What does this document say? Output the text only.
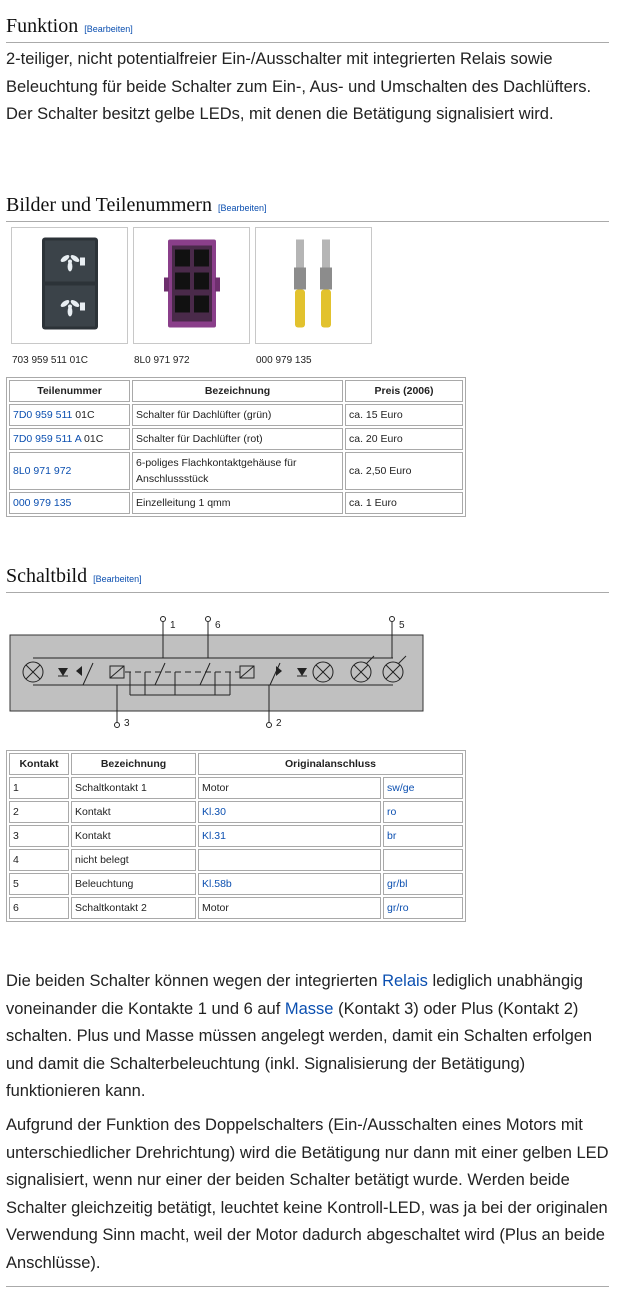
Funktion [Bearbeiten]

2-teiliger, nicht potentialfreier Ein-/Ausschalter mit integrierten Relais sowie Beleuchtung für beide Schalter zum Ein-, Aus- und Umschalten des Dachlüfters. Der Schalter besitzt gelbe LEDs, mit denen die Betätigung signalisiert wird.

Bilder und Teilenummern [Bearbeiten]
703 959 511 01C	8L0 971 972	000 979 135
Teilenummer	Bezeichnung	Preis (2006)
7D0 959 511 01C	Schalter für Dachlüfter (grün)	ca. 15 Euro
7D0 959 511 A 01C	Schalter für Dachlüfter (rot)	ca. 20 Euro
8L0 971 972	6-poliges Flachkontaktgehäuse für Anschlussstück	ca. 2,50 Euro
000 979 135	Einzelleitung 1 qmm	ca. 1 Euro
Schaltbild [Bearbeiten]
1	6	5
3	2
Kontakt	Bezeichnung	Originalanschluss	
1	Schaltkontakt 1	Motor	sw/ge
2	Kontakt	Kl.30	ro
3	Kontakt	Kl.31	br
4	nicht belegt		
5	Beleuchtung	Kl.58b	gr/bl
6	Schaltkontakt 2	Motor	gr/ro

Die beiden Schalter können wegen der integrierten Relais lediglich unabhängig voneinander die Kontakte 1 und 6 auf Masse (Kontakt 3) oder Plus (Kontakt 2) schalten. Plus und Masse müssen angelegt werden, damit ein Schalten erfolgen und damit die Schalterbeleuchtung (inkl. Signalisierung der Betätigung) funktionieren kann.

Aufgrund der Funktion des Doppelschalters (Ein-/Ausschalten eines Motors mit unterschiedlicher Drehrichtung) wird die Betätigung nur dann mit einer gelben LED signalisiert, wenn nur einer der beiden Schalter betätigt wurde. Werden beide Schalter gleichzeitig betätigt, leuchtet keine Kontroll-LED, was ja bei der originalen Verwendung Sinn macht, weil der Motor dadurch abgeschaltet wird (Plus an beide Anschlüsse).
